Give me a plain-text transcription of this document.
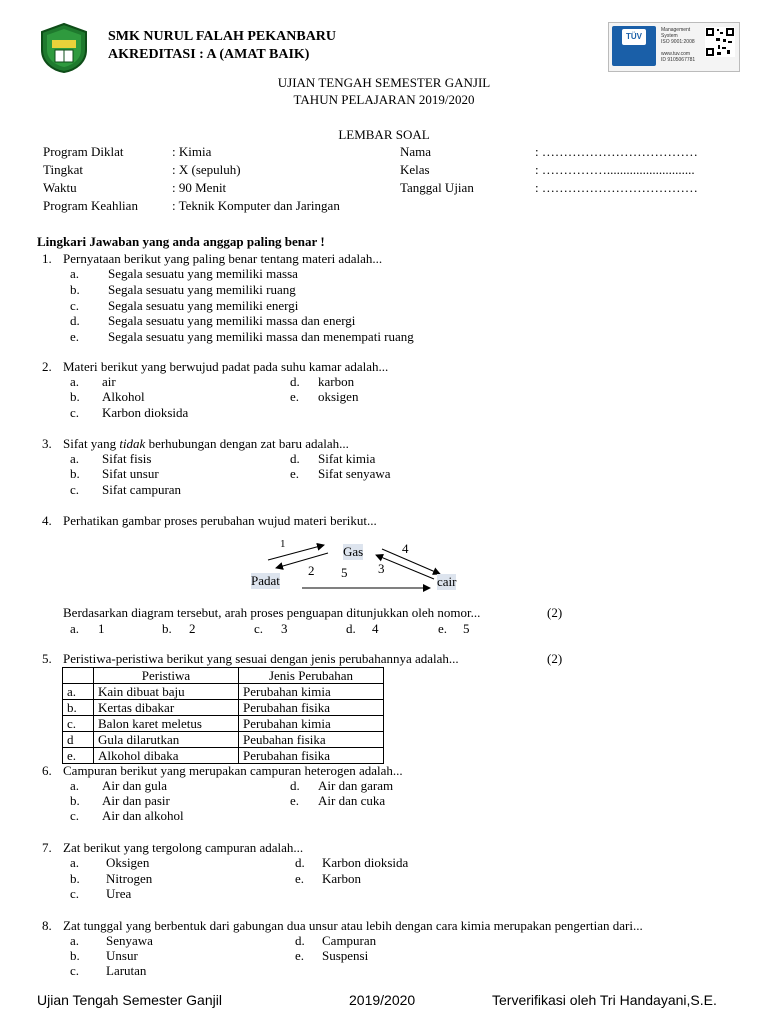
SMK NURUL FALAH PEKANBARU
AKREDITASI : A (AMAT BAIK)
TÜV
Management
System
ISO 9001:2008

www.tuv.com
ID 9105067781
UJIAN TENGAH SEMESTER GANJIL
TAHUN PELAJARAN 2019/2020
LEMBAR SOAL
Program Diklat	: Kimia
Tingkat	: X (sepuluh)
Waktu	: 90 Menit
Program Keahlian	: Teknik Komputer dan Jaringan
Nama	: ………………………………
Kelas	: ……………...........................
Tanggal Ujian	: ………………………………
Lingkari Jawaban yang anda anggap paling benar !
1. Pernyataan berikut yang paling benar tentang materi adalah...
a. Segala sesuatu yang memiliki massa
b. Segala sesuatu yang memiliki ruang
c. Segala sesuatu yang memiliki energi
d. Segala sesuatu yang memiliki massa dan energi
e. Segala sesuatu yang memiliki massa dan menempati ruang
2. Materi berikut yang berwujud padat pada suhu kamar adalah...
a. air	d. karbon
b. Alkohol	e. oksigen
c. Karbon dioksida
3. Sifat yang tidak berhubungan dengan zat baru adalah...
a. Sifat fisis	d. Sifat kimia
b. Sifat unsur	e. Sifat senyawa
c. Sifat campuran
4. Perhatikan gambar proses perubahan wujud materi berikut...
1	Gas	4
2 5 3
Padat	cair
Berdasarkan diagram tersebut, arah proses penguapan ditunjukkan oleh nomor...	(2)
a. 1	b. 2	c. 3	d. 4	e. 5
5. Peristiwa-peristiwa berikut yang sesuai dengan jenis perubahannya adalah...	(2)
	Peristiwa	Jenis Perubahan
a.	Kain dibuat baju	Perubahan kimia
b.	Kertas dibakar	Perubahan fisika
c.	Balon karet meletus	Perubahan kimia
d	Gula dilarutkan	Peubahan fisika
e.	Alkohol dibaka	Perubahan fisika
6. Campuran berikut yang merupakan campuran heterogen adalah...
a. Air dan gula	d. Air dan garam
b. Air dan pasir	e. Air dan cuka
c. Air dan alkohol
7. Zat berikut yang tergolong campuran adalah...
a. Oksigen	d. Karbon dioksida
b. Nitrogen	e. Karbon
c. Urea
8. Zat tunggal yang berbentuk dari gabungan dua unsur atau lebih dengan cara kimia merupakan pengertian dari...
a. Senyawa	d. Campuran
b. Unsur	e. Suspensi
c. Larutan
Ujian Tengah Semester Ganjil	2019/2020	Terverifikasi oleh Tri Handayani,S.E.
